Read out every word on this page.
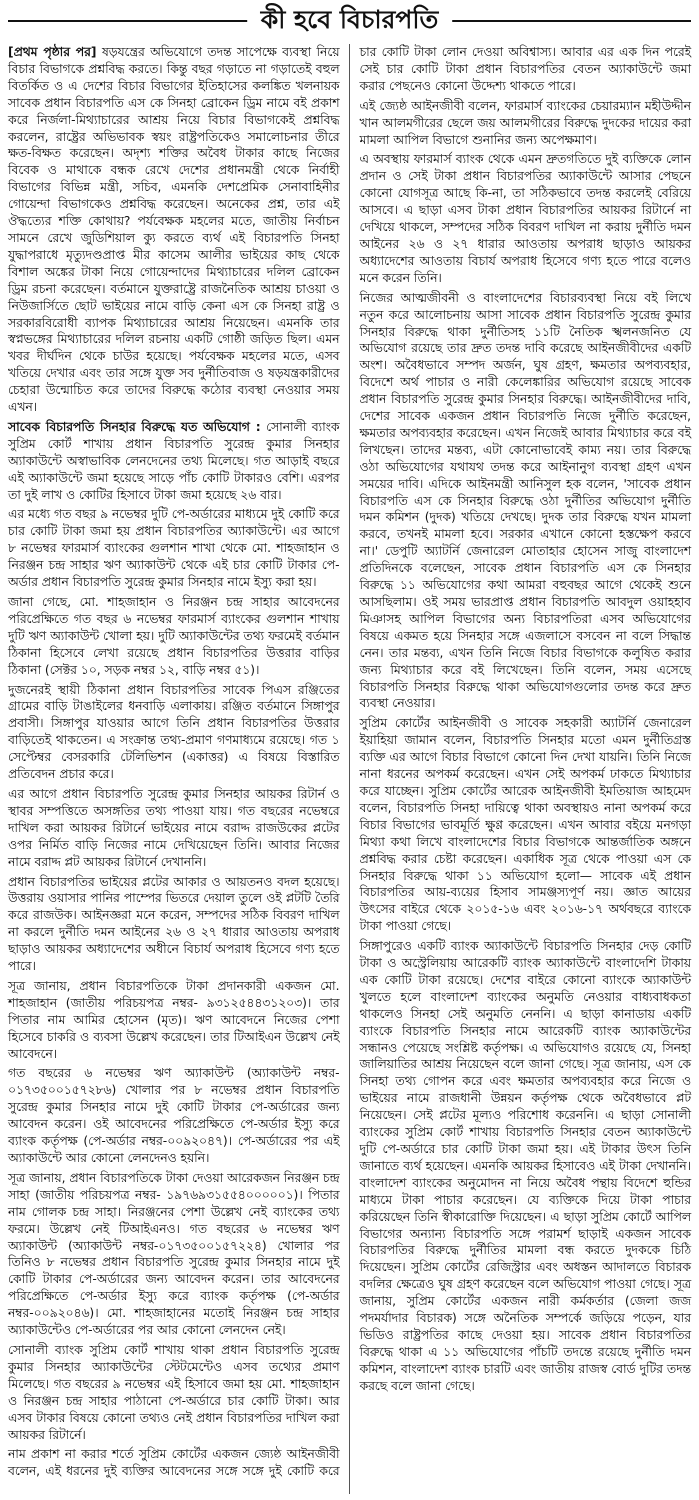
কী হবে বিচারপতি

[ প্রথম পৃষ্ঠার পর ] ষড়যন্ত্রের অভিযোগে তদন্ত সাপেক্ষে ব্যবস্থা নিয়ে বিচার বিভাগকে প্রশ্নবিদ্ধ করতে। কিন্তু বছর গড়াতে না গড়াতেই বহুল বিতর্কিত ও এ দেশের বিচার বিভাগের ইতিহাসের কলঙ্কিত খলনায়ক সাবেক প্রধান বিচারপতি এস কে সিনহা ব্রোকেন ড্রিম নামে বই প্রকাশ করে নির্জলা-মিথ্যাচারের আশ্রয় নিয়ে বিচার বিভাগকেই প্রশ্নবিদ্ধ করলেন, রাষ্ট্রের অভিভাবক স্বয়ং রাষ্ট্রপতিকেও সমালোচনার তীরে ক্ষত-বিক্ষত করেছেন। অদৃশ্য শক্তির অবৈধ টাকার কাছে নিজের বিবেক ও মাথাকে বন্ধক রেখে দেশের প্রধানমন্ত্রী থেকে নির্বাহী বিভাগের বিভিন্ন মন্ত্রী, সচিব, এমনকি দেশপ্রেমিক সেনাবাহিনীর গোয়েন্দা বিভাগকেও প্রশ্নবিদ্ধ করেছেন। অনেকের প্রশ্ন, তার এই ঔদ্ধত্যের শক্তি কোথায়? পর্যবেক্ষক মহলের মতে, জাতীয় নির্বাচন সামনে রেখে জুডিশিয়াল ক্যু করতে ব্যর্থ এই বিচারপতি সিনহা যুদ্ধাপরাধে মৃত্যুদণ্ডপ্রাপ্ত মীর কাসেম আলীর ভাইয়ের কাছ থেকে বিশাল অঙ্কের টাকা নিয়ে গোয়েন্দাদের মিথ্যাচারের দলিল ব্রোকেন ড্রিম রচনা করেছেন। বর্তমানে যুক্তরাষ্ট্রে রাজনৈতিক আশ্রয় চাওয়া ও নিউজার্সিতে ছোট ভাইয়ের নামে বাড়ি কেনা এস কে সিনহা রাষ্ট্র ও সরকারবিরোধী ব্যাপক মিথ্যাচারের আশ্রয় নিয়েছেন। এমনকি তার স্বপ্নভঙ্গের মিথ্যাচারের দলিল রচনায় একটি গোষ্ঠী জড়িত ছিল। এমন খবর দীর্ঘদিন থেকে চাউর হয়েছে। পর্যবেক্ষক মহলের মতে, এসব খতিয়ে দেখার এবং তার সঙ্গে যুক্ত সব দুর্নীতিবাজ ও ষড়যন্ত্রকারীদের চেহারা উন্মোচিত করে তাদের বিরুদ্ধে কঠোর ব্যবস্থা নেওয়ার সময় এখন।

সাবেক বিচারপতি সিনহার বিরুদ্ধে যত অভিযোগ : সোনালী ব্যাংক সুপ্রিম কোর্ট শাখায় প্রধান বিচারপতি সুরেন্দ্র কুমার সিনহার অ্যাকাউন্টে অস্বাভাবিক লেনদেনের তথ্য মিলেছে। গত আড়াই বছরে এই অ্যাকাউন্টে জমা হয়েছে সাড়ে পাঁচ কোটি টাকারও বেশি। এরপর তা দুই লাখ ও কোটির হিসাবে টাকা জমা হয়েছে ২৬ বার।

এর মধ্যে গত বছর ৯ নভেম্বর দুটি পে-অর্ডারের মাধ্যমে দুই কোটি করে চার কোটি টাকা জমা হয় প্রধান বিচারপতির অ্যাকাউন্টে। এর আগে ৮ নভেম্বর ফারমার্স ব্যাংকের গুলশান শাখা থেকে মো. শাহজাহান ও নিরঞ্জন চন্দ্র সাহার ঋণ অ্যাকাউন্ট থেকে এই চার কোটি টাকার পে-অর্ডার প্রধান বিচারপতি সুরেন্দ্র কুমার সিনহার নামে ইস্যু করা হয়।

জানা গেছে, মো. শাহজাহান ও নিরঞ্জন চন্দ্র সাহার আবেদনের পরিপ্রেক্ষিতে গত বছর ৬ নভেম্বর ফারমার্স ব্যাংকের গুলশান শাখায় দুটি ঋণ অ্যাকাউন্ট খোলা হয়। দুটি অ্যাকাউন্টের তথ্য ফরমেই বর্তমান ঠিকানা হিসেবে লেখা রয়েছে প্রধান বিচারপতির উত্তরার বাড়ির ঠিকানা (সেক্টর ১০, সড়ক নম্বর ১২, বাড়ি নম্বর ৫১)।

দুজনেরই স্থায়ী ঠিকানা প্রধান বিচারপতির সাবেক পিএস রঞ্জিতের গ্রামের বাড়ি টাঙাইলের ধনবাড়ি এলাকায়। রঞ্জিত বর্তমানে সিঙ্গাপুর প্রবাসী। সিঙ্গাপুর যাওয়ার আগে তিনি প্রধান বিচারপতির উত্তরার বাড়িতেই থাকতেন। এ সংক্রান্ত তথ্য-প্রমাণ গণমাধ্যমে রয়েছে। গত ১ সেপ্টেম্বর বেসরকারি টেলিভিশন (একাত্তর) এ বিষয়ে বিস্তারিত প্রতিবেদন প্রচার করে।

এর আগে প্রধান বিচারপতি সুরেন্দ্র কুমার সিনহার আয়কর রিটার্ন ও স্থাবর সম্পত্তিতে অসঙ্গতির তথ্য পাওয়া যায়। গত বছরের নভেম্বরে দাখিল করা আয়কর রিটার্নে ভাইয়ের নামে বরাদ্দ রাজউকের প্লটের ওপর নির্মিত বাড়ি নিজের নামে দেখিয়েছেন তিনি। আবার নিজের নামে বরাদ্দ প্লট আয়কর রিটার্নে দেখাননি।

প্রধান বিচারপতির ভাইয়ের প্লটের আকার ও আয়তনও বদল হয়েছে। উত্তরায় ওয়াসার পানির পাম্পের ভিতরে দেয়াল তুলে ওই প্লটটি তৈরি করে রাজউক। আইনজ্ঞরা মনে করেন, সম্পদের সঠিক বিবরণ দাখিল না করলে দুর্নীতি দমন আইনের ২৬ ও ২৭ ধারার আওতায় অপরাধ ছাড়াও আয়কর অধ্যাদেশের অধীনে বিচার্য অপরাধ হিসেবে গণ্য হতে পারে।

সূত্র জানায়, প্রধান বিচারপতিকে টাকা প্রদানকারী একজন মো. শাহজাহান (জাতীয় পরিচয়পত্র নম্বর- ৯৩১২৫৪৪৩১২০৩)। তার পিতার নাম আমির হোসেন (মৃত)। ঋণ আবেদনে নিজের পেশা হিসেবে চাকরি ও ব্যবসা উল্লেখ করেছেন। তার টিআইএন উল্লেখ নেই আবেদনে।

গত বছরের ৬ নভেম্বর ঋণ অ্যাকাউন্ট (অ্যাকাউন্ট নম্বর- ০১৭৩৫০০১৫৭২৮৬) খোলার পর ৮ নভেম্বর প্রধান বিচারপতি সুরেন্দ্র কুমার সিনহার নামে দুই কোটি টাকার পে-অর্ডারের জন্য আবেদন করেন। ওই আবেদনের পরিপ্রেক্ষিতে পে-অর্ডার ইস্যু করে ব্যাংক কর্তৃপক্ষ (পে-অর্ডার নম্বর-০০৯২০৪৭)। পে-অর্ডারের পর এই অ্যাকাউন্টে আর কোনো লেনদেনও হয়নি।

সূত্র জানায়, প্রধান বিচারপতিকে টাকা দেওয়া আরেকজন নিরঞ্জন চন্দ্র সাহা (জাতীয় পরিচয়পত্র নম্বর- ১৯৭৬৯৩১৫৫৪০০০০০১)। পিতার নাম গোলক চন্দ্র সাহা। নিরঞ্জনের পেশা উল্লেখ নেই ব্যাংকের তথ্য ফরমে। উল্লেখ নেই টিআইএনও। গত বছরের ৬ নভেম্বর ঋণ অ্যাকাউন্ট (অ্যাকাউন্ট নম্বর-০১৭৩৫০০১৫৭২২৪) খোলার পর তিনিও ৮ নভেম্বর প্রধান বিচারপতি সুরেন্দ্র কুমার সিনহার নামে দুই কোটি টাকার পে-অর্ডারের জন্য আবেদন করেন। তার আবেদনের পরিপ্রেক্ষিতে পে-অর্ডার ইস্যু করে ব্যাংক কর্তৃপক্ষ (পে-অর্ডার নম্বর-০০৯২০৪৬)। মো. শাহজাহানের মতোই নিরঞ্জন চন্দ্র সাহার অ্যাকাউন্টেও পে-অর্ডারের পর আর কোনো লেনদেন নেই।

সোনালী ব্যাংক সুপ্রিম কোর্ট শাখায় থাকা প্রধান বিচারপতি সুরেন্দ্র কুমার সিনহার অ্যাকাউন্টের স্টেটমেন্টেও এসব তথ্যের প্রমাণ মিলেছে। গত বছরের ৯ নভেম্বর এই হিসাবে জমা হয় মো. শাহজাহান ও নিরঞ্জন চন্দ্র সাহার পাঠানো পে-অর্ডারে চার কোটি টাকা। আর এসব টাকার বিষয়ে কোনো তথ্যও নেই প্রধান বিচারপতির দাখিল করা আয়কর রিটার্নে।

নাম প্রকাশ না করার শর্তে সুপ্রিম কোর্টের একজন জ্যেষ্ঠ আইনজীবী বলেন, এই ধরনের দুই ব্যক্তির আবেদনের সঙ্গে সঙ্গে দুই কোটি করে চার কোটি টাকা লোন দেওয়া অবিশ্বাস্য। আবার এর এক দিন পরেই সেই চার কোটি টাকা প্রধান বিচারপতির বেতন অ্যাকাউন্টে জমা করার পেছনেও কোনো উদ্দেশ্য থাকতে পারে।

এই জ্যেষ্ঠ আইনজীবী বলেন, ফারমার্স ব্যাংকের চেয়ারম্যান মহীউদ্দীন খান আলমগীরের ছেলে জয় আলমগীরের বিরুদ্ধে দুদকের দায়ের করা মামলা আপিল বিভাগে শুনানির জন্য অপেক্ষমাণ।

এ অবস্থায় ফারমার্স ব্যাংক থেকে এমন দ্রুতগতিতে দুই ব্যক্তিকে লোন প্রদান ও সেই টাকা প্রধান বিচারপতির অ্যাকাউন্টে আসার পেছনে কোনো যোগসূত্র আছে কি-না, তা সঠিকভাবে তদন্ত করলেই বেরিয়ে আসবে। এ ছাড়া এসব টাকা প্রধান বিচারপতির আয়কর রিটার্নে না দেখিয়ে থাকলে, সম্পদের সঠিক বিবরণ দাখিল না করায় দুর্নীতি দমন আইনের ২৬ ও ২৭ ধারার আওতায় অপরাধ ছাড়াও আয়কর অধ্যাদেশের আওতায় বিচার্য অপরাধ হিসেবে গণ্য হতে পারে বলেও মনে করেন তিনি।

নিজের আত্মজীবনী ও বাংলাদেশের বিচারব্যবস্থা নিয়ে বই লিখে নতুন করে আলোচনায় আসা সাবেক প্রধান বিচারপতি সুরেন্দ্র কুমার সিনহার বিরুদ্ধে থাকা দুর্নীতিসহ ১১টি নৈতিক স্খলনজনিত যে অভিযোগ রয়েছে তার দ্রুত তদন্ত দাবি করেছে আইনজীবীদের একটি অংশ। অবৈধভাবে সম্পদ অর্জন, ঘুষ গ্রহণ, ক্ষমতার অপব্যবহার, বিদেশে অর্থ পাচার ও নারী কেলেঙ্কারির অভিযোগ রয়েছে সাবেক প্রধান বিচারপতি সুরেন্দ্র কুমার সিনহার বিরুদ্ধে। আইনজীবীদের দাবি, দেশের সাবেক একজন প্রধান বিচারপতি নিজে দুর্নীতি করেছেন, ক্ষমতার অপব্যবহার করেছেন। এখন নিজেই আবার মিথ্যাচার করে বই লিখছেন। তাদের মন্তব্য, এটা কোনোভাবেই কাম্য নয়। তার বিরুদ্ধে ওঠা অভিযোগের যথাযথ তদন্ত করে আইনানুগ ব্যবস্থা গ্রহণ এখন সময়ের দাবি। এদিকে আইনমন্ত্রী আনিসুল হক বলেন, 'সাবেক প্রধান বিচারপতি এস কে সিনহার বিরুদ্ধে ওঠা দুর্নীতির অভিযোগ দুর্নীতি দমন কমিশন (দুদক) খতিয়ে দেখছে। দুদক তার বিরুদ্ধে যখন মামলা করবে, তখনই মামলা হবে। সরকার এখানে কোনো হস্তক্ষেপ করবে না।' ডেপুটি অ্যাটর্নি জেনারেল মোতাহার হোসেন সাজু বাংলাদেশ প্রতিদিনকে বলেছেন, সাবেক প্রধান বিচারপতি এস কে সিনহার বিরুদ্ধে ১১ অভিযোগের কথা আমরা বহুবছর আগে থেকেই শুনে আসছিলাম। ওই সময় ভারপ্রাপ্ত প্রধান বিচারপতি আবদুল ওয়াহহাব মিঞাসহ আপিল বিভাগের অন্য বিচারপতিরা এসব অভিযোগের বিষয়ে একমত হয়ে সিনহার সঙ্গে এজলাসে বসবেন না বলে সিদ্ধান্ত নেন। তার মন্তব্য, এখন তিনি নিজে বিচার বিভাগকে কলুষিত করার জন্য মিথ্যাচার করে বই লিখেছেন। তিনি বলেন, সময় এসেছে বিচারপতি সিনহার বিরুদ্ধে থাকা অভিযোগগুলোর তদন্ত করে দ্রুত ব্যবস্থা নেওয়ার।

সুপ্রিম কোর্টের আইনজীবী ও সাবেক সহকারী অ্যাটর্নি জেনারেল ইয়াহিয়া জামান বলেন, বিচারপতি সিনহার মতো এমন দুর্নীতিগ্রস্ত ব্যক্তি এর আগে বিচার বিভাগে কোনো দিন দেখা যায়নি। তিনি নিজে নানা ধরনের অপকর্ম করেছেন। এখন সেই অপকর্ম ঢাকতে মিথ্যাচার করে যাচ্ছেন। সুপ্রিম কোর্টের আরেক আইনজীবী ইমতিয়াজ আহমেদ বলেন, বিচারপতি সিনহা দায়িত্বে থাকা অবস্থায়ও নানা অপকর্ম করে বিচার বিভাগের ভাবমূর্তি ক্ষুণ্ণ করেছেন। এখন আবার বইয়ে মনগড়া মিথ্যা কথা লিখে বাংলাদেশের বিচার বিভাগকে আন্তর্জাতিক অঙ্গনে প্রশ্নবিদ্ধ করার চেষ্টা করেছেন। একাধিক সূত্র থেকে পাওয়া এস কে সিনহার বিরুদ্ধে থাকা ১১ অভিযোগ হলো— সাবেক এই প্রধান বিচারপতির আয়-ব্যয়ের হিসাব সামঞ্জস্যপূর্ণ নয়। জ্ঞাত আয়ের উৎসের বাইরে থেকে ২০১৫-১৬ এবং ২০১৬-১৭ অর্থবছরে ব্যাংকে টাকা পাওয়া গেছে।

সিঙ্গাপুরেও একটি ব্যাংক অ্যাকাউন্টে বিচারপতি সিনহার দেড় কোটি টাকা ও অস্ট্রেলিয়ায় আরেকটি ব্যাংক অ্যাকাউন্টে বাংলাদেশি টাকায় এক কোটি টাকা রয়েছে। দেশের বাইরে কোনো ব্যাংকে অ্যাকাউন্ট খুলতে হলে বাংলাদেশ ব্যাংকের অনুমতি নেওয়ার বাধ্যবাধকতা থাকলেও সিনহা সেই অনুমতি নেননি। এ ছাড়া কানাডায় একটি ব্যাংকে বিচারপতি সিনহার নামে আরেকটি ব্যাংক অ্যাকাউন্টের সন্ধানও পেয়েছে সংশ্লিষ্ট কর্তৃপক্ষ। এ অভিযোগও রয়েছে যে, সিনহা জালিয়াতির আশ্রয় নিয়েছেন বলে জানা গেছে। সূত্র জানায়, এস কে সিনহা তথ্য গোপন করে এবং ক্ষমতার অপব্যবহার করে নিজে ও ভাইয়ের নামে রাজধানী উন্নয়ন কর্তৃপক্ষ থেকে অবৈধভাবে প্লট নিয়েছেন। সেই প্লটের মূল্যও পরিশোধ করেননি। এ ছাড়া সোনালী ব্যাংকের সুপ্রিম কোর্ট শাখায় বিচারপতি সিনহার বেতন অ্যাকাউন্টে দুটি পে-অর্ডারে চার কোটি টাকা জমা হয়। এই টাকার উৎস তিনি জানাতে ব্যর্থ হয়েছেন। এমনকি আয়কর হিসাবেও এই টাকা দেখাননি। বাংলাদেশ ব্যাংকের অনুমোদন না নিয়ে অবৈধ পন্থায় বিদেশে হুন্ডির মাধ্যমে টাকা পাচার করেছেন। যে ব্যক্তিকে দিয়ে টাকা পাচার করিয়েছেন তিনি স্বীকারোক্তি দিয়েছেন। এ ছাড়া সুপ্রিম কোর্টে আপিল বিভাগের অন্যান্য বিচারপতি সঙ্গে পরামর্শ ছাড়াই একজন সাবেক বিচারপতির বিরুদ্ধে দুর্নীতির মামলা বন্ধ করতে দুদককে চিঠি দিয়েছেন। সুপ্রিম কোর্টের রেজিস্ট্রার এবং অধস্তন আদালতে বিচারক বদলির ক্ষেত্রেও ঘুষ গ্রহণ করেছেন বলে অভিযোগ পাওয়া গেছে। সূত্র জানায়, সুপ্রিম কোর্টের একজন নারী কর্মকর্তার (জেলা জজ পদমর্যাদার বিচারক) সঙ্গে অনৈতিক সম্পর্কে জড়িয়ে পড়েন, যার ভিডিও রাষ্ট্রপতির কাছে দেওয়া হয়। সাবেক প্রধান বিচারপতির বিরুদ্ধে থাকা এ ১১ অভিযোগের পাঁচটি তদন্তে রয়েছে দুর্নীতি দমন কমিশন, বাংলাদেশ ব্যাংক চারটি এবং জাতীয় রাজস্ব বোর্ড দুটির তদন্ত করছে বলে জানা গেছে।
